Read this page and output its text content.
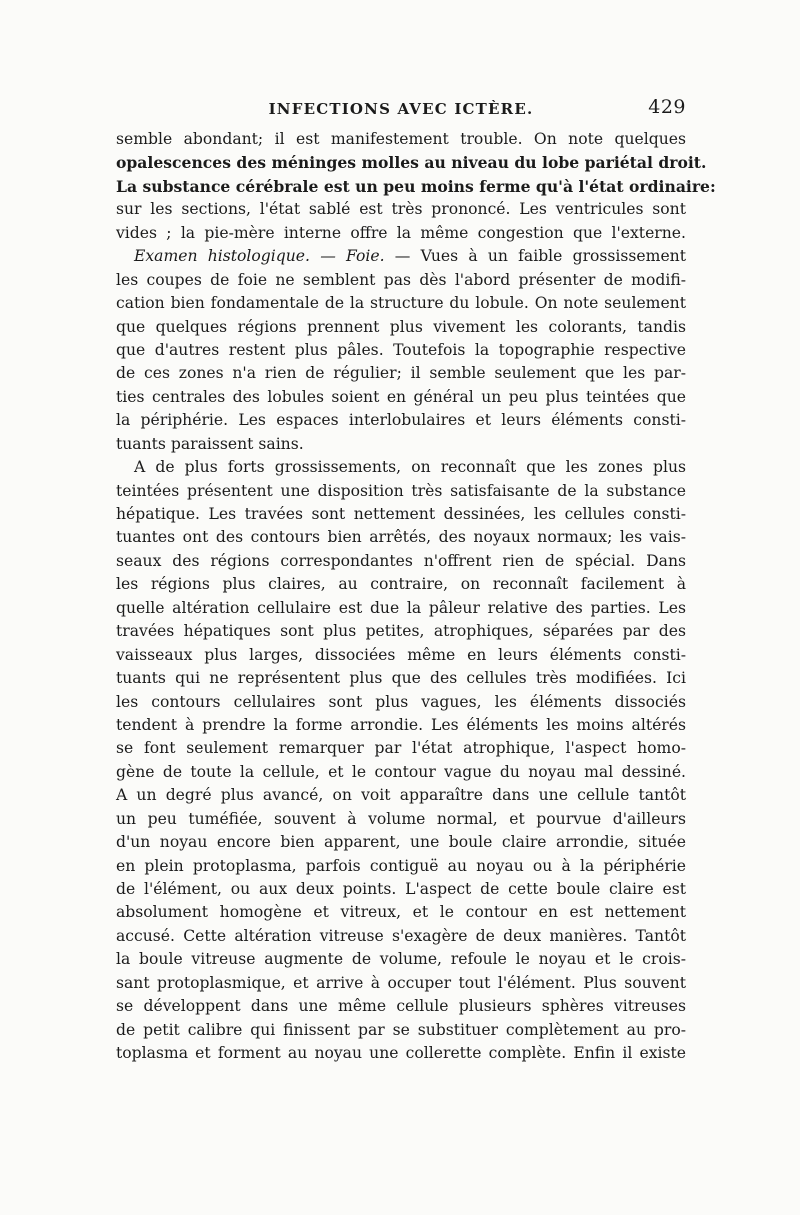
INFECTIONS AVEC ICTÈRE.	429
semble abondant; il est manifestement trouble. On note quelques
opalescences des méninges molles au niveau du lobe pariétal droit.
La substance cérébrale est un peu moins ferme qu'à l'état ordinaire:
sur les sections, l'état sablé est très prononcé. Les ventricules sont
vides ; la pie-mère interne offre la même congestion que l'externe.
Examen histologique. — Foie. — Vues à un faible grossissement
les coupes de foie ne semblent pas dès l'abord présenter de modifi-
cation bien fondamentale de la structure du lobule. On note seulement
que quelques régions prennent plus vivement les colorants, tandis
que d'autres restent plus pâles. Toutefois la topographie respective
de ces zones n'a rien de régulier; il semble seulement que les par-
ties centrales des lobules soient en général un peu plus teintées que
la périphérie. Les espaces interlobulaires et leurs éléments consti-
tuants paraissent sains.
A de plus forts grossissements, on reconnaît que les zones plus
teintées présentent une disposition très satisfaisante de la substance
hépatique. Les travées sont nettement dessinées, les cellules consti-
tuantes ont des contours bien arrêtés, des noyaux normaux; les vais-
seaux des régions correspondantes n'offrent rien de spécial. Dans
les régions plus claires, au contraire, on reconnaît facilement à
quelle altération cellulaire est due la pâleur relative des parties. Les
travées hépatiques sont plus petites, atrophiques, séparées par des
vaisseaux plus larges, dissociées même en leurs éléments consti-
tuants qui ne représentent plus que des cellules très modifiées. Ici
les contours cellulaires sont plus vagues, les éléments dissociés
tendent à prendre la forme arrondie. Les éléments les moins altérés
se font seulement remarquer par l'état atrophique, l'aspect homo-
gène de toute la cellule, et le contour vague du noyau mal dessiné.
A un degré plus avancé, on voit apparaître dans une cellule tantôt
un peu tuméfiée, souvent à volume normal, et pourvue d'ailleurs
d'un noyau encore bien apparent, une boule claire arrondie, située
en plein protoplasma, parfois contiguë au noyau ou à la périphérie
de l'élément, ou aux deux points. L'aspect de cette boule claire est
absolument homogène et vitreux, et le contour en est nettement
accusé. Cette altération vitreuse s'exagère de deux manières. Tantôt
la boule vitreuse augmente de volume, refoule le noyau et le crois-
sant protoplasmique, et arrive à occuper tout l'élément. Plus souvent
se développent dans une même cellule plusieurs sphères vitreuses
de petit calibre qui finissent par se substituer complètement au pro-
toplasma et forment au noyau une collerette complète. Enfin il existe
